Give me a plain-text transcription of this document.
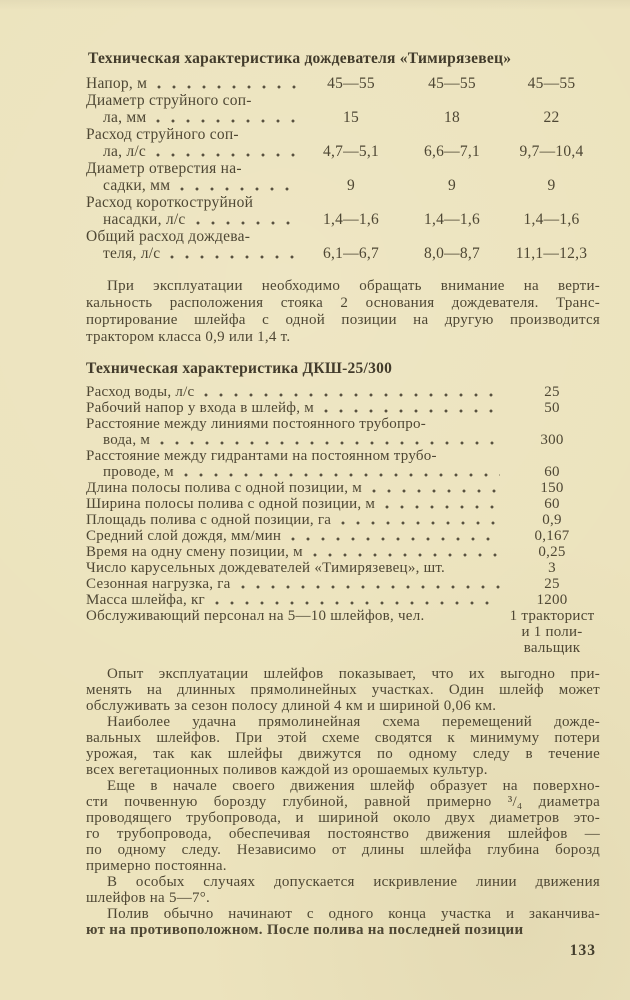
Техническая характеристика дождевателя «Тимирязевец»
Напор, м	45—55	45—55	45—55
Диаметр струйного соп-
ла, мм	15	18	22
Расход струйного соп-
ла, л/с	4,7—5,1	6,6—7,1	9,7—10,4
Диаметр отверстия на-
садки, мм	9	9	9
Расход короткоструйной
насадки, л/с	1,4—1,6	1,4—1,6	1,4—1,6
Общий расход дождева-
теля, л/с	6,1—6,7	8,0—8,7	11,1—12,3
При эксплуатации необходимо обращать внимание на верти-
кальность расположения стояка 2 основания дождевателя. Транс-
портирование шлейфа с одной позиции на другую производится
трактором класса 0,9 или 1,4 т.
Техническая характеристика ДКШ-25/300
Расход воды, л/с	25
Рабочий напор у входа в шлейф, м	50
Расстояние между линиями постоянного трубопро-
вода, м	300
Расстояние между гидрантами на постоянном трубо-
проводе, м	60
Длина полосы полива с одной позиции, м	150
Ширина полосы полива с одной позиции, м	60
Площадь полива с одной позиции, га	0,9
Средний слой дождя, мм/мин	0,167
Время на одну смену позиции, м	0,25
Число карусельных дождевателей «Тимирязевец», шт.	3
Сезонная нагрузка, га	25
Масса шлейфа, кг	1200
Обслуживающий персонал на 5—10 шлейфов, чел.	1 тракторист
и 1 поли-
вальщик
Опыт эксплуатации шлейфов показывает, что их выгодно при-
менять на длинных прямолинейных участках. Один шлейф может
обслуживать за сезон полосу длиной 4 км и шириной 0,06 км.
Наиболее удачна прямолинейная схема перемещений дожде-
вальных шлейфов. При этой схеме сводятся к минимуму потери
урожая, так как шлейфы движутся по одному следу в течение
всех вегетационных поливов каждой из орошаемых культур.
Еще в начале своего движения шлейф образует на поверхно-
сти почвенную борозду глубиной, равной примерно ³/₄ диаметра
проводящего трубопровода, и шириной около двух диаметров это-
го трубопровода, обеспечивая постоянство движения шлейфов —
по одному следу. Независимо от длины шлейфа глубина борозд
примерно постоянна.
В особых случаях допускается искривление линии движения
шлейфов на 5—7°.
Полив обычно начинают с одного конца участка и заканчива-
ют на противоположном. После полива на последней позиции
133
